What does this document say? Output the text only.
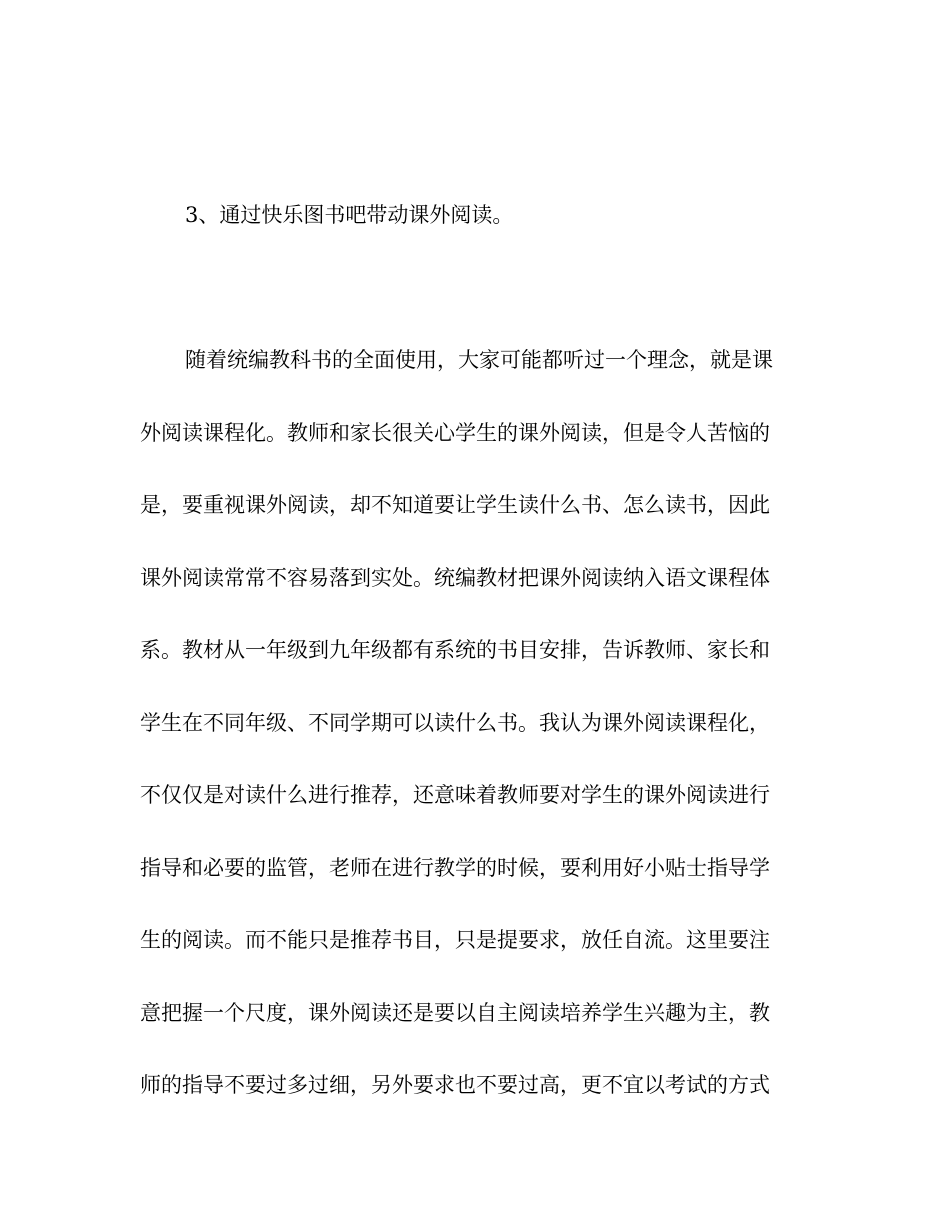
3、通过快乐图书吧带动课外阅读。
随着统编教科书的全面使用，大家可能都听过一个理念，就是课
外阅读课程化。教师和家长很关心学生的课外阅读，但是令人苦恼的
是，要重视课外阅读，却不知道要让学生读什么书、怎么读书，因此
课外阅读常常不容易落到实处。统编教材把课外阅读纳入语文课程体
系。教材从一年级到九年级都有系统的书目安排，告诉教师、家长和
学生在不同年级、不同学期可以读什么书。我认为课外阅读课程化，
不仅仅是对读什么进行推荐，还意味着教师要对学生的课外阅读进行
指导和必要的监管，老师在进行教学的时候，要利用好小贴士指导学
生的阅读。而不能只是推荐书目，只是提要求，放任自流。这里要注
意把握一个尺度，课外阅读还是要以自主阅读培养学生兴趣为主，教
师的指导不要过多过细，另外要求也不要过高，更不宜以考试的方式
